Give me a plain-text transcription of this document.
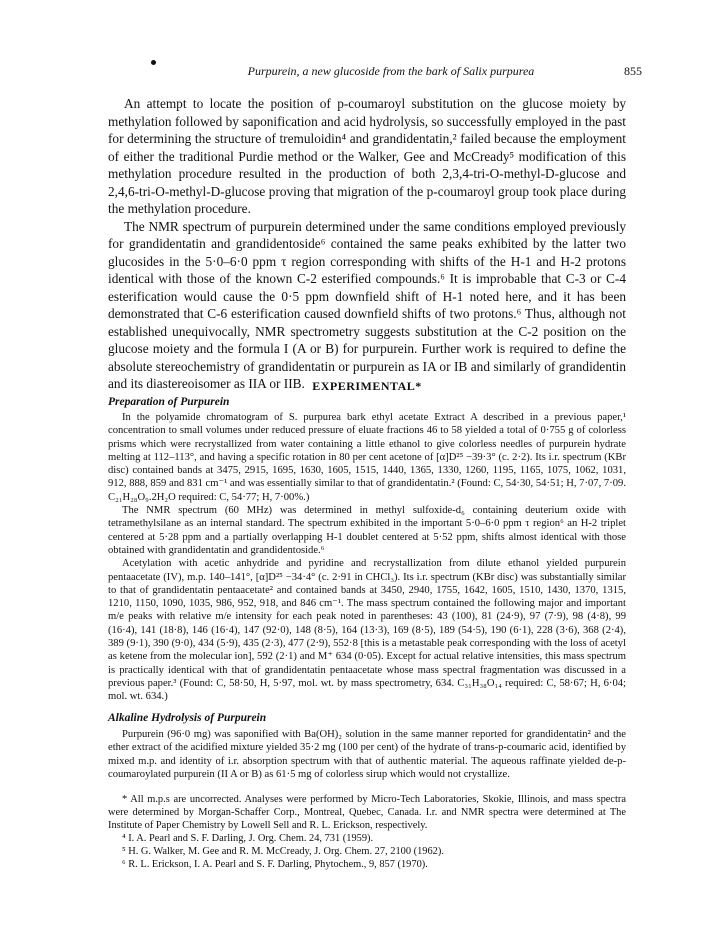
Purpurein, a new glucoside from the bark of Salix purpurea	855

An attempt to locate the position of p-coumaroyl substitution on the glucose moiety by methylation followed by saponification and acid hydrolysis, so successfully employed in the past for determining the structure of tremuloidin⁴ and grandidentatin,² failed because the employment of either the traditional Purdie method or the Walker, Gee and McCready⁵ modification of this methylation procedure resulted in the production of both 2,3,4-tri-O-methyl-D-glucose and 2,4,6-tri-O-methyl-D-glucose proving that migration of the p-coumaroyl group took place during the methylation procedure.

The NMR spectrum of purpurein determined under the same conditions employed previously for grandidentatin and grandidentoside⁶ contained the same peaks exhibited by the latter two glucosides in the 5·0–6·0 ppm τ region corresponding with shifts of the H-1 and H-2 protons identical with those of the known C-2 esterified compounds.⁶ It is improbable that C-3 or C-4 esterification would cause the 0·5 ppm downfield shift of H-1 noted here, and it has been demonstrated that C-6 esterification caused downfield shifts of two protons.⁶ Thus, although not established unequivocally, NMR spectrometry suggests substitution at the C-2 position on the glucose moiety and the formula I (A or B) for purpurein. Further work is required to define the absolute stereochemistry of grandidentatin or purpurein as IA or IB and similarly of grandidentin and its diastereoisomer as IIA or IIB. EXPERIMENTAL*
Preparation of Purpurein

In the polyamide chromatogram of S. purpurea bark ethyl acetate Extract A described in a previous paper,¹ concentration to small volumes under reduced pressure of eluate fractions 46 to 58 yielded a total of 0·755 g of colorless prisms which were recrystallized from water containing a little ethanol to give colorless needles of purpurein hydrate melting at 112–113°, and having a specific rotation in 80 per cent acetone of [α]D²⁵ −39·3° (c. 2·2). Its i.r. spectrum (KBr disc) contained bands at 3475, 2915, 1695, 1630, 1605, 1515, 1440, 1365, 1330, 1260, 1195, 1165, 1075, 1062, 1031, 912, 888, 859 and 831 cm⁻¹ and was essentially similar to that of grandidentatin.² (Found: C, 54·30, 54·51; H, 7·07, 7·09. C₂₁H₂₈O₉.2H₂O required: C, 54·77; H, 7·00%.)

The NMR spectrum (60 MHz) was determined in methyl sulfoxide-d₆ containing deuterium oxide with tetramethylsilane as an internal standard. The spectrum exhibited in the important 5·0–6·0 ppm τ region⁶ an H-2 triplet centered at 5·28 ppm and a partially overlapping H-1 doublet centered at 5·52 ppm, shifts almost identical with those obtained with grandidentatin and grandidentoside.⁶

Acetylation with acetic anhydride and pyridine and recrystallization from dilute ethanol yielded purpurein pentaacetate (IV), m.p. 140–141°, [α]D²⁵ −34·4° (c. 2·91 in CHCl₃). Its i.r. spectrum (KBr disc) was substantially similar to that of grandidentatin pentaacetate² and contained bands at 3450, 2940, 1755, 1642, 1605, 1510, 1430, 1370, 1315, 1210, 1150, 1090, 1035, 986, 952, 918, and 846 cm⁻¹. The mass spectrum contained the following major and important m/e peaks with relative m/e intensity for each peak noted in parentheses: 43 (100), 81 (24·9), 97 (7·9), 98 (4·8), 99 (16·4), 141 (18·8), 146 (16·4), 147 (92·0), 148 (8·5), 164 (13·3), 169 (8·5), 189 (54·5), 190 (6·1), 228 (3·6), 368 (2·4), 389 (9·1), 390 (9·0), 434 (5·9), 435 (2·3), 477 (2·9), 552·8 [this is a metastable peak corresponding with the loss of acetyl as ketene from the molecular ion], 592 (2·1) and M⁺ 634 (0·05). Except for actual relative intensities, this mass spectrum is practically identical with that of grandidentatin pentaacetate whose mass spectral fragmentation was discussed in a previous paper.³ (Found: C, 58·50, H, 5·97, mol. wt. by mass spectrometry, 634. C₃₁H₃₈O₁₄ required: C, 58·67; H, 6·04; mol. wt. 634.)

Alkaline Hydrolysis of Purpurein

Purpurein (96·0 mg) was saponified with Ba(OH)₂ solution in the same manner reported for grandidentatin² and the ether extract of the acidified mixture yielded 35·2 mg (100 per cent) of the hydrate of trans-p-coumaric acid, identified by mixed m.p. and identity of i.r. absorption spectrum with that of authentic material. The aqueous raffinate yielded de-p-coumaroylated purpurein (II A or B) as 61·5 mg of colorless sirup which would not crystallize.

* All m.p.s are uncorrected. Analyses were performed by Micro-Tech Laboratories, Skokie, Illinois, and mass spectra were determined by Morgan-Schaffer Corp., Montreal, Quebec, Canada. I.r. and NMR spectra were determined at The Institute of Paper Chemistry by Lowell Sell and R. L. Erickson, respectively.

⁴ I. A. Pearl and S. F. Darling, J. Org. Chem. 24, 731 (1959).

⁵ H. G. Walker, M. Gee and R. M. McCready, J. Org. Chem. 27, 2100 (1962).

⁶ R. L. Erickson, I. A. Pearl and S. F. Darling, Phytochem., 9, 857 (1970).
